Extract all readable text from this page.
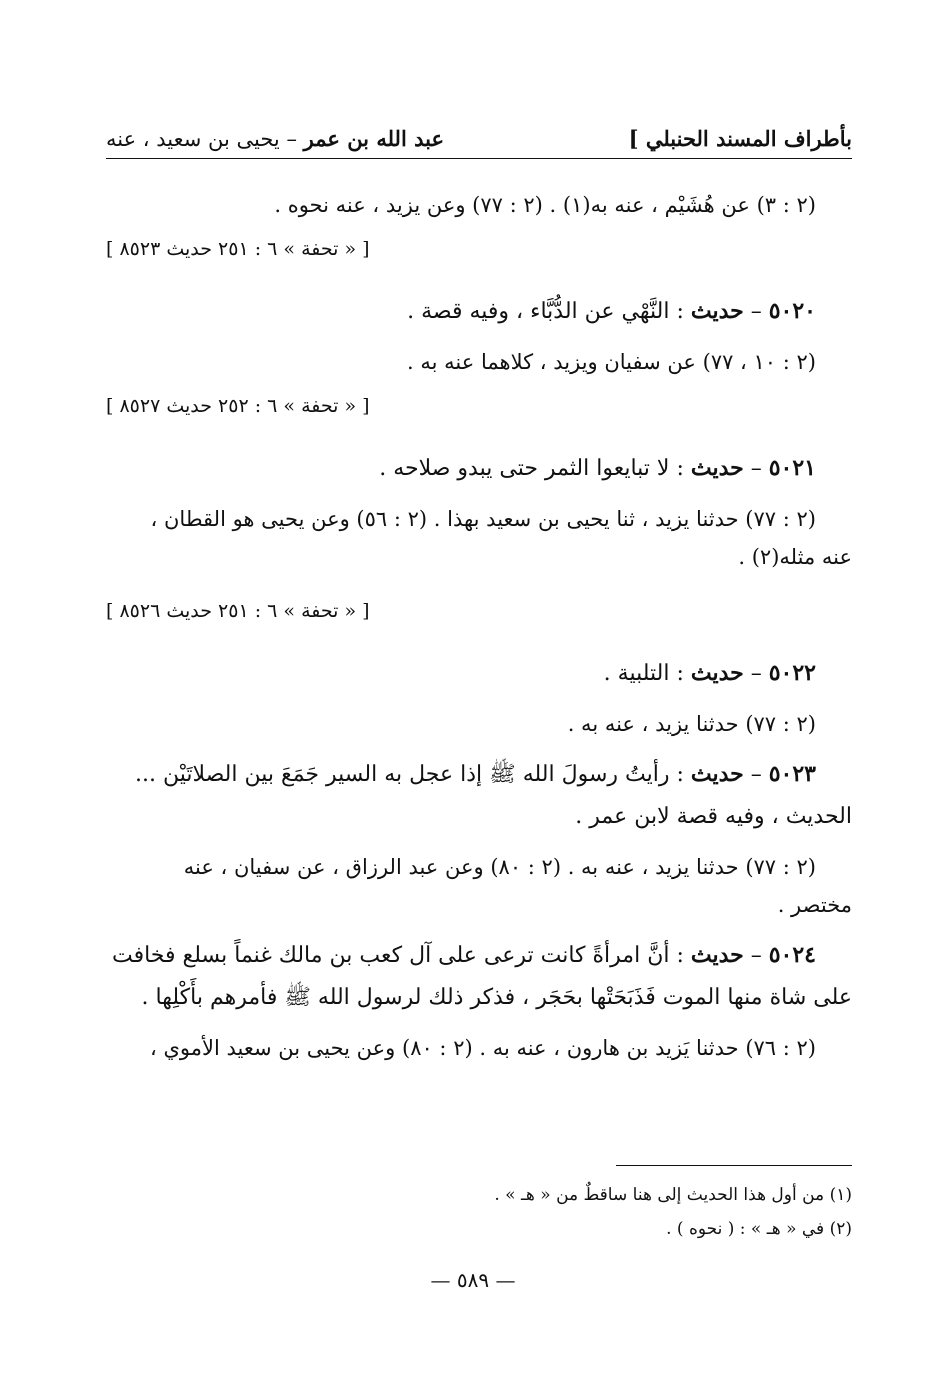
بأطراف المسند الحنبلي ]
عبد الله بن عمر – يحيى بن سعيد ، عنه

(٢ : ٣) عن هُشَيْم ، عنه به(١) . (٢ : ٧٧) وعن يزيد ، عنه نحوه .

[ « تحفة » ٦ : ٢٥١ حديث ٨٥٢٣ ]

٥٠٢٠ – حديث : النَّهْي عن الدُّبَّاء ، وفيه قصة .

(٢ : ١٠ ، ٧٧) عن سفيان ويزيد ، كلاهما عنه به .

[ « تحفة » ٦ : ٢٥٢ حديث ٨٥٢٧ ]

٥٠٢١ – حديث : لا تبايعوا الثمر حتى يبدو صلاحه .

(٢ : ٧٧) حدثنا يزيد ، ثنا يحيى بن سعيد بهذا . (٢ : ٥٦) وعن يحيى هو القطان ،

عنه مثله(٢) .

[ « تحفة » ٦ : ٢٥١ حديث ٨٥٢٦ ]

٥٠٢٢ – حديث : التلبية .

(٢ : ٧٧) حدثنا يزيد ، عنه به .

٥٠٢٣ – حديث : رأيتُ رسولَ الله ﷺ إذا عجل به السير جَمَعَ بين الصلاتَيْن ...

الحديث ، وفيه قصة لابن عمر .

(٢ : ٧٧) حدثنا يزيد ، عنه به . (٢ : ٨٠) وعن عبد الرزاق ، عن سفيان ، عنه

مختصر .

٥٠٢٤ – حديث : أنَّ امرأةً كانت ترعى على آل كعب بن مالك غنماً بسلع فخافت

على شاة منها الموت فَذَبَحَتْها بحَجَر ، فذكر ذلك لرسول الله ﷺ فأمرهم بأَكْلِها .

(٢ : ٧٦) حدثنا يَزيد بن هارون ، عنه به . (٢ : ٨٠) وعن يحيى بن سعيد الأموي ،

(١) من أول هذا الحديث إلى هنا ساقطٌ من « هـ » .
(٢) في « هـ » : ( نحوه ) .
— ٥٨٩ —
